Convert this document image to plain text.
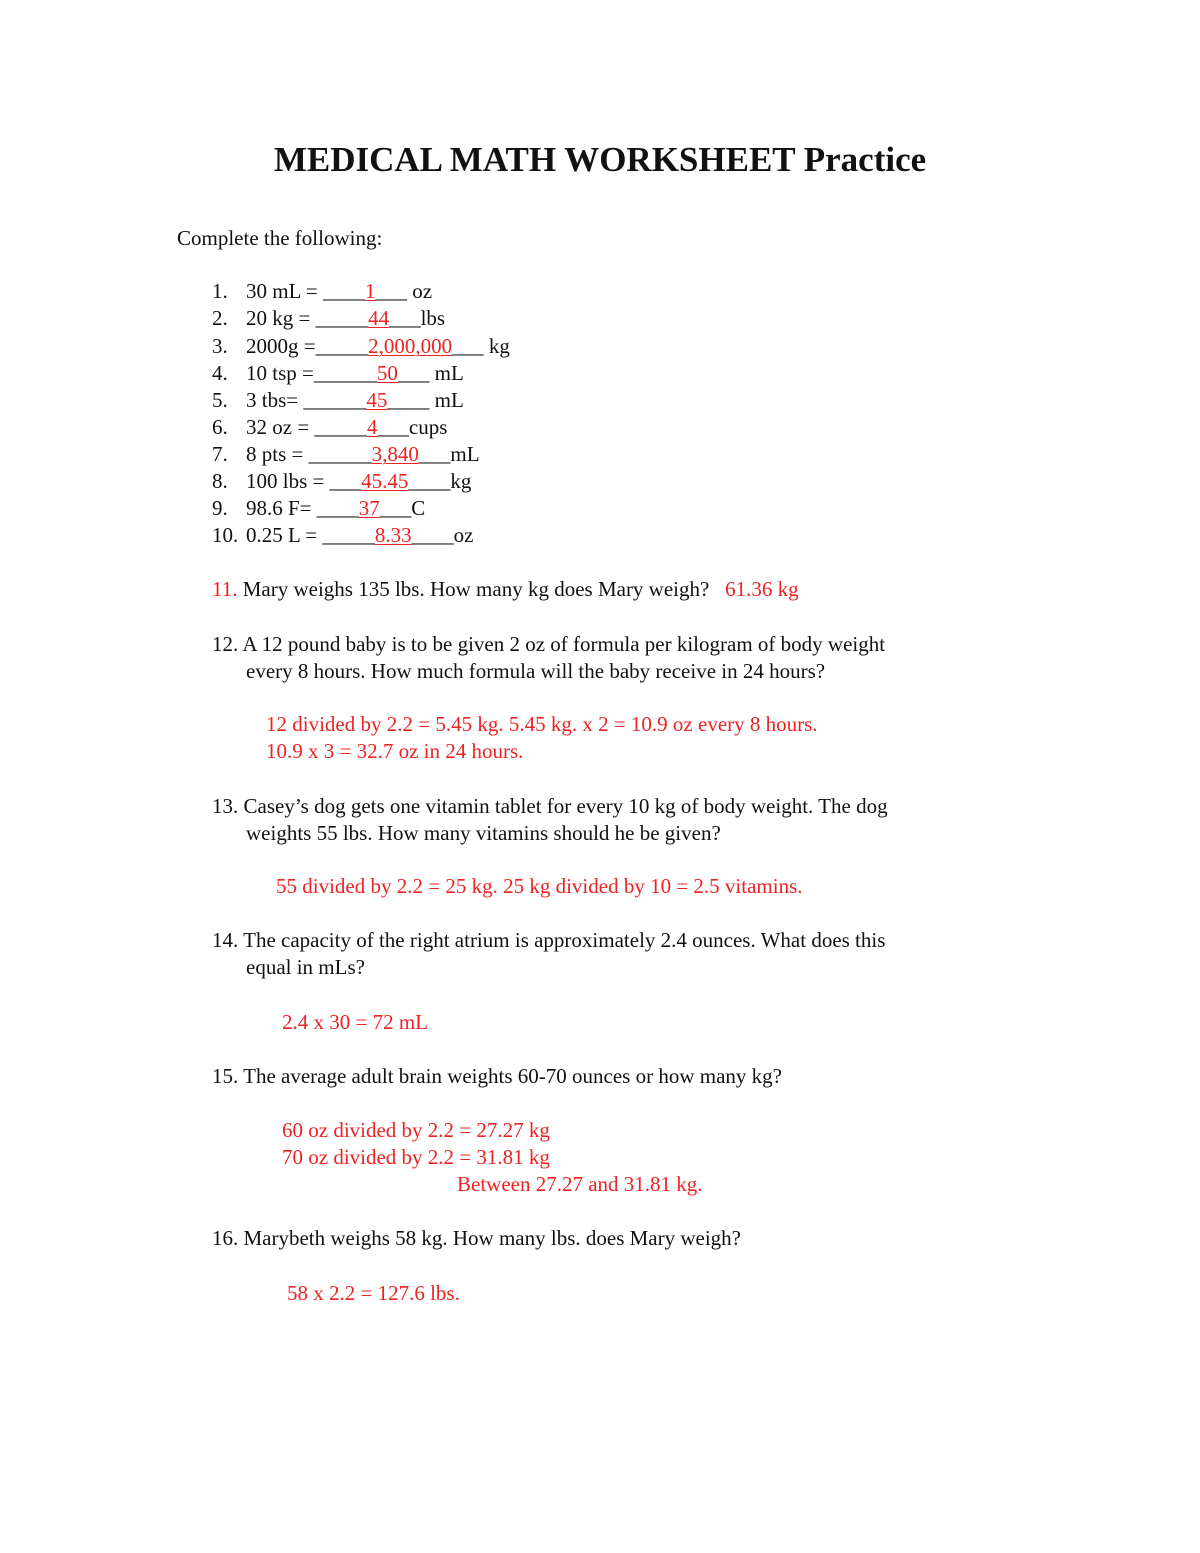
MEDICAL MATH WORKSHEET Practice
Complete the following:
1. 30 mL = ____1___ oz
2. 20 kg = _____44___lbs
3. 2000g =_____2,000,000___ kg
4. 10 tsp =______50___ mL
5. 3 tbs= ______45____ mL
6. 32 oz = _____4___cups
7. 8 pts = ______3,840___mL
8. 100 lbs = ___45.45____kg
9. 98.6 F= ____37___C
10. 0.25 L = _____8.33____oz
11. Mary weighs 135 lbs. How many kg does Mary weigh? 61.36 kg
12. A 12 pound baby is to be given 2 oz of formula per kilogram of body weight
every 8 hours. How much formula will the baby receive in 24 hours?
12 divided by 2.2 = 5.45 kg. 5.45 kg. x 2 = 10.9 oz every 8 hours.
10.9 x 3 = 32.7 oz in 24 hours.
13. Casey’s dog gets one vitamin tablet for every 10 kg of body weight. The dog
weights 55 lbs. How many vitamins should he be given?
55 divided by 2.2 = 25 kg. 25 kg divided by 10 = 2.5 vitamins.
14. The capacity of the right atrium is approximately 2.4 ounces. What does this
equal in mLs?
2.4 x 30 = 72 mL
15. The average adult brain weights 60-70 ounces or how many kg?
60 oz divided by 2.2 = 27.27 kg
70 oz divided by 2.2 = 31.81 kg
Between 27.27 and 31.81 kg.
16. Marybeth weighs 58 kg. How many lbs. does Mary weigh?
58 x 2.2 = 127.6 lbs.
